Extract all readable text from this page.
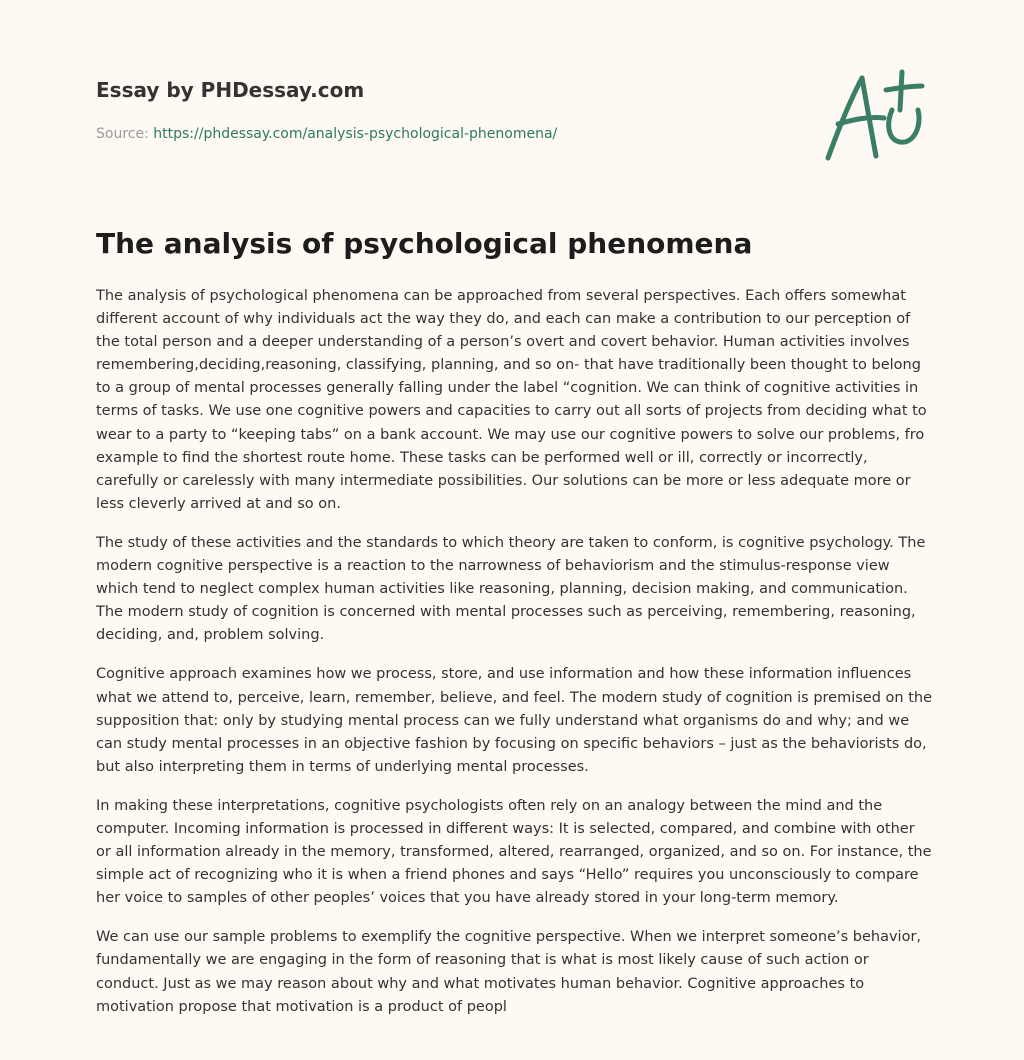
Essay by PHDessay.com
Source: https://phdessay.com/analysis-psychological-phenomena/
The analysis of psychological phenomena

The analysis of psychological phenomena can be approached from several perspectives. Each offers somewhat different account of why individuals act the way they do, and each can make a contribution to our perception of the total person and a deeper understanding of a person’s overt and covert behavior. Human activities involves remembering,deciding,reasoning, classifying, planning, and so on- that have traditionally been thought to belong to a group of mental processes generally falling under the label “cognition. We can think of cognitive activities in terms of tasks. We use one cognitive powers and capacities to carry out all sorts of projects from deciding what to wear to a party to “keeping tabs” on a bank account. We may use our cognitive powers to solve our problems, fro example to find the shortest route home. These tasks can be performed well or ill, correctly or incorrectly, carefully or carelessly with many intermediate possibilities. Our solutions can be more or less adequate more or less cleverly arrived at and so on.

The study of these activities and the standards to which theory are taken to conform, is cognitive psychology. The modern cognitive perspective is a reaction to the narrowness of behaviorism and the stimulus-response view which tend to neglect complex human activities like reasoning, planning, decision making, and communication. The modern study of cognition is concerned with mental processes such as perceiving, remembering, reasoning, deciding, and, problem solving.

Cognitive approach examines how we process, store, and use information and how these information influences what we attend to, perceive, learn, remember, believe, and feel. The modern study of cognition is premised on the supposition that: only by studying mental process can we fully understand what organisms do and why; and we can study mental processes in an objective fashion by focusing on specific behaviors – just as the behaviorists do, but also interpreting them in terms of underlying mental processes.

In making these interpretations, cognitive psychologists often rely on an analogy between the mind and the computer. Incoming information is processed in different ways: It is selected, compared, and combine with other or all information already in the memory, transformed, altered, rearranged, organized, and so on. For instance, the simple act of recognizing who it is when a friend phones and says “Hello” requires you unconsciously to compare her voice to samples of other peoples’ voices that you have already stored in your long-term memory.

We can use our sample problems to exemplify the cognitive perspective. When we interpret someone’s behavior, fundamentally we are engaging in the form of reasoning that is what is most likely cause of such action or conduct. Just as we may reason about why and what motivates human behavior. Cognitive approaches to motivation propose that motivation is a product of peopl
